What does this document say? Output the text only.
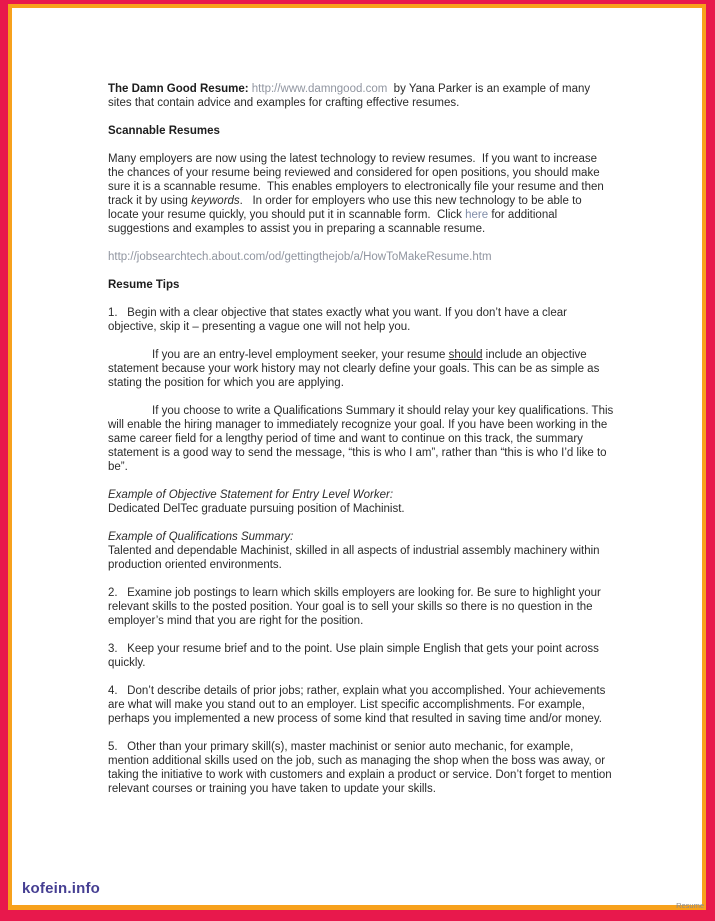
The Damn Good Resume: http://www.damngood.com  by Yana Parker is an example of many sites that contain advice and examples for crafting effective resumes.

Scannable Resumes

Many employers are now using the latest technology to review resumes.  If you want to increase the chances of your resume being reviewed and considered for open positions, you should make sure it is a scannable resume.  This enables employers to electronically file your resume and then track it by using keywords.   In order for employers who use this new technology to be able to locate your resume quickly, you should put it in scannable form.  Click here for additional suggestions and examples to assist you in preparing a scannable resume.

http://jobsearchtech.about.com/od/gettingthejob/a/HowToMakeResume.htm

Resume Tips

1.   Begin with a clear objective that states exactly what you want. If you don’t have a clear objective, skip it – presenting a vague one will not help you.

If you are an entry-level employment seeker, your resume should include an objective statement because your work history may not clearly define your goals. This can be as simple as stating the position for which you are applying.

If you choose to write a Qualifications Summary it should relay your key qualifications. This will enable the hiring manager to immediately recognize your goal. If you have been working in the same career field for a lengthy period of time and want to continue on this track, the summary statement is a good way to send the message, “this is who I am”, rather than “this is who I’d like to be”.

Example of Objective Statement for Entry Level Worker:
Dedicated DelTec graduate pursuing position of Machinist.

Example of Qualifications Summary:
Talented and dependable Machinist, skilled in all aspects of industrial assembly machinery within production oriented environments.

2.   Examine job postings to learn which skills employers are looking for. Be sure to highlight your relevant skills to the posted position. Your goal is to sell your skills so there is no question in the employer’s mind that you are right for the position.

3.   Keep your resume brief and to the point. Use plain simple English that gets your point across quickly.

4.   Don’t describe details of prior jobs; rather, explain what you accomplished. Your achievements are what will make you stand out to an employer. List specific accomplishments. For example, perhaps you implemented a new process of some kind that resulted in saving time and/or money.

5.   Other than your primary skill(s), master machinist or senior auto mechanic, for example, mention additional skills used on the job, such as managing the shop when the boss was away, or taking the initiative to work with customers and explain a product or service. Don’t forget to mention relevant courses or training you have taken to update your skills.

kofein.info
Resume
